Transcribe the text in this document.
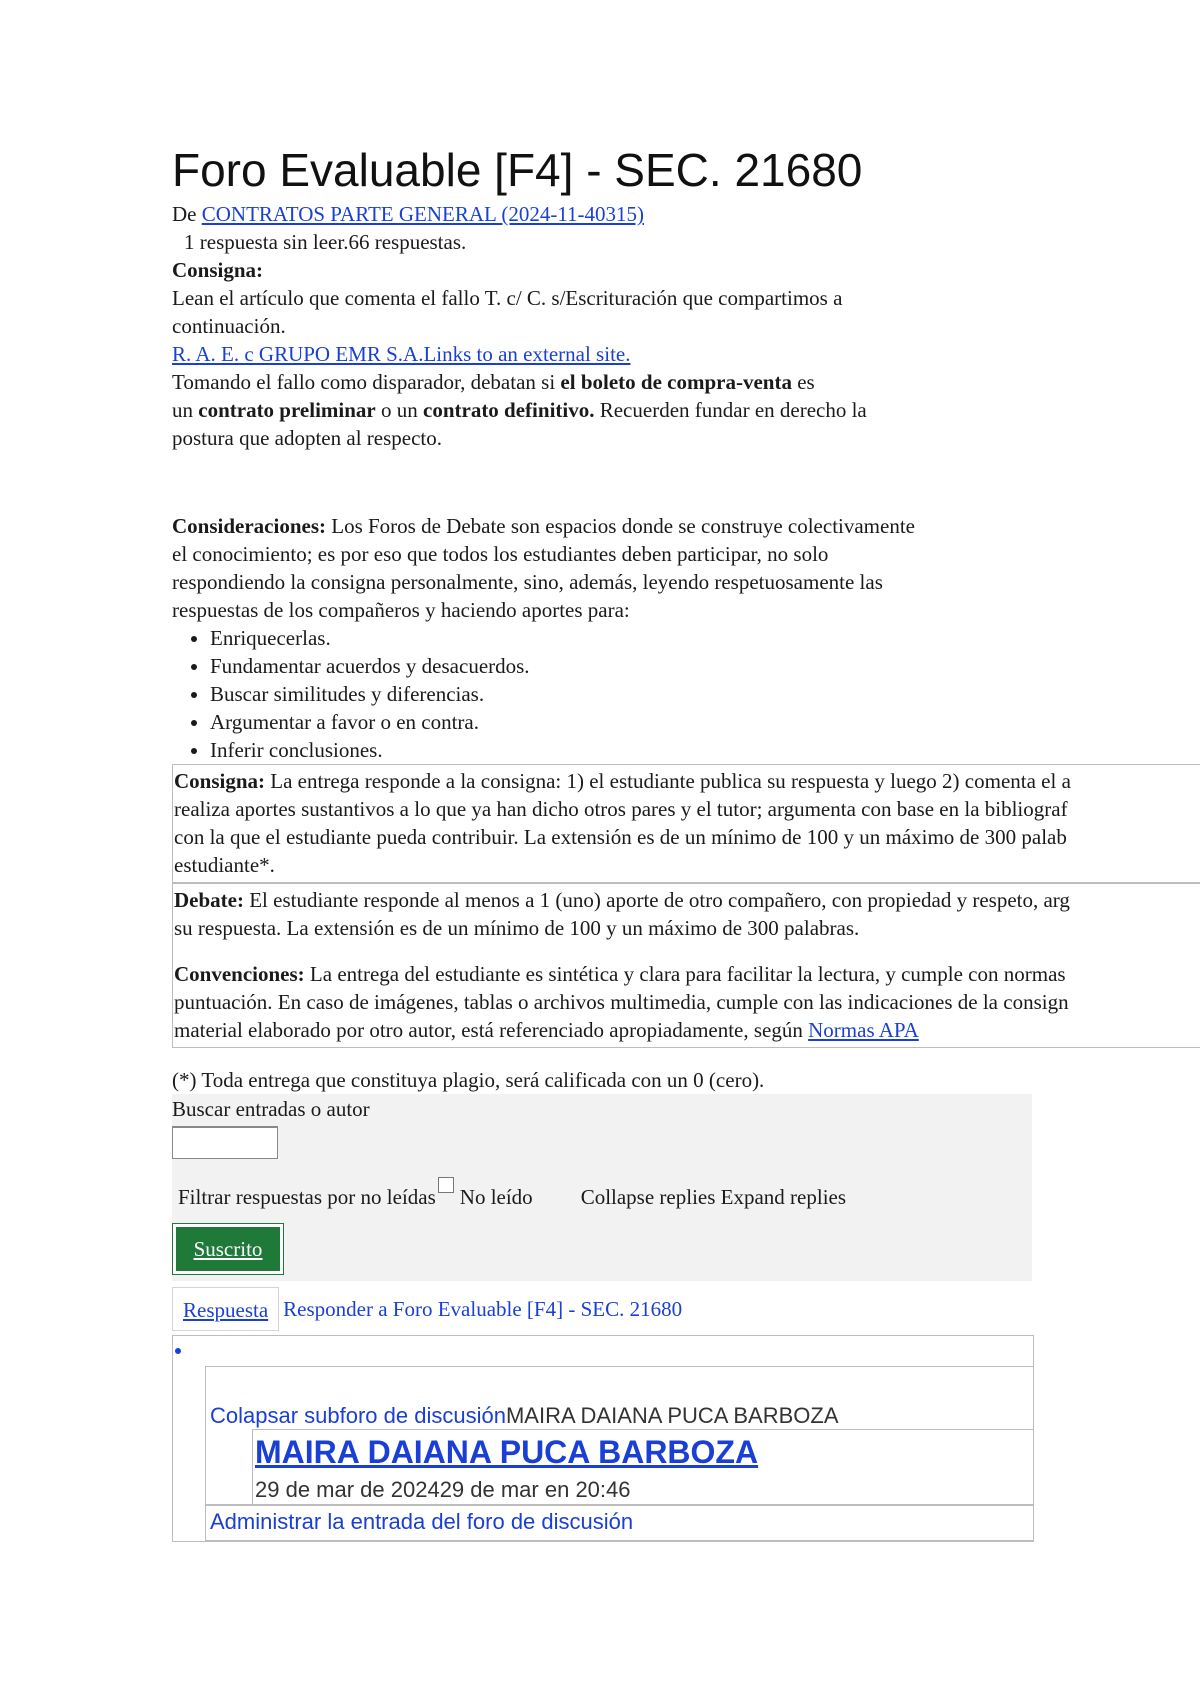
Foro Evaluable [F4] - SEC. 21680

De CONTRATOS PARTE GENERAL (2024-11-40315)

1 respuesta sin leer.66 respuestas.

Consigna:

Lean el artículo que comenta el fallo T. c/ C. s/Escrituración que compartimos a

continuación.

R. A. E. c GRUPO EMR S.A.Links to an external site.

Tomando el fallo como disparador, debatan si el boleto de compra-venta es

un contrato preliminar o un contrato definitivo. Recuerden fundar en derecho la

postura que adopten al respecto.

Consideraciones: Los Foros de Debate son espacios donde se construye colectivamente

el conocimiento; es por eso que todos los estudiantes deben participar, no solo

respondiendo la consigna personalmente, sino, además, leyendo respetuosamente las

respuestas de los compañeros y haciendo aportes para:

• Enriquecerlas.
• Fundamentar acuerdos y desacuerdos.
• Buscar similitudes y diferencias.
• Argumentar a favor o en contra.
• Inferir conclusiones.
Consigna: La entrega responde a la consigna: 1) el estudiante publica su respuesta y luego 2) comenta el a
realiza aportes sustantivos a lo que ya han dicho otros pares y el tutor; argumenta con base en la bibliograf
con la que el estudiante pueda contribuir. La extensión es de un mínimo de 100 y un máximo de 300 palab
estudiante*.
Debate: El estudiante responde al menos a 1 (uno) aporte de otro compañero, con propiedad y respeto, arg
su respuesta. La extensión es de un mínimo de 100 y un máximo de 300 palabras.
Convenciones: La entrega del estudiante es sintética y clara para facilitar la lectura, y cumple con normas
puntuación. En caso de imágenes, tablas o archivos multimedia, cumple con las indicaciones de la consign
material elaborado por otro autor, está referenciado apropiadamente, según Normas APA

(*) Toda entrega que constituya plagio, será calificada con un 0 (cero).

Buscar entradas o autor
Filtrar respuestas por no leídas No leído Collapse replies
Expand replies
Suscrito
Respuesta Responder a Foro Evaluable [F4] - SEC. 21680
Colapsar subforo de discusiónMAIRA DAIANA PUCA BARBOZA
MAIRA DAIANA PUCA BARBOZA
29 de mar de 202429 de mar en 20:46
Administrar la entrada del foro de discusión
